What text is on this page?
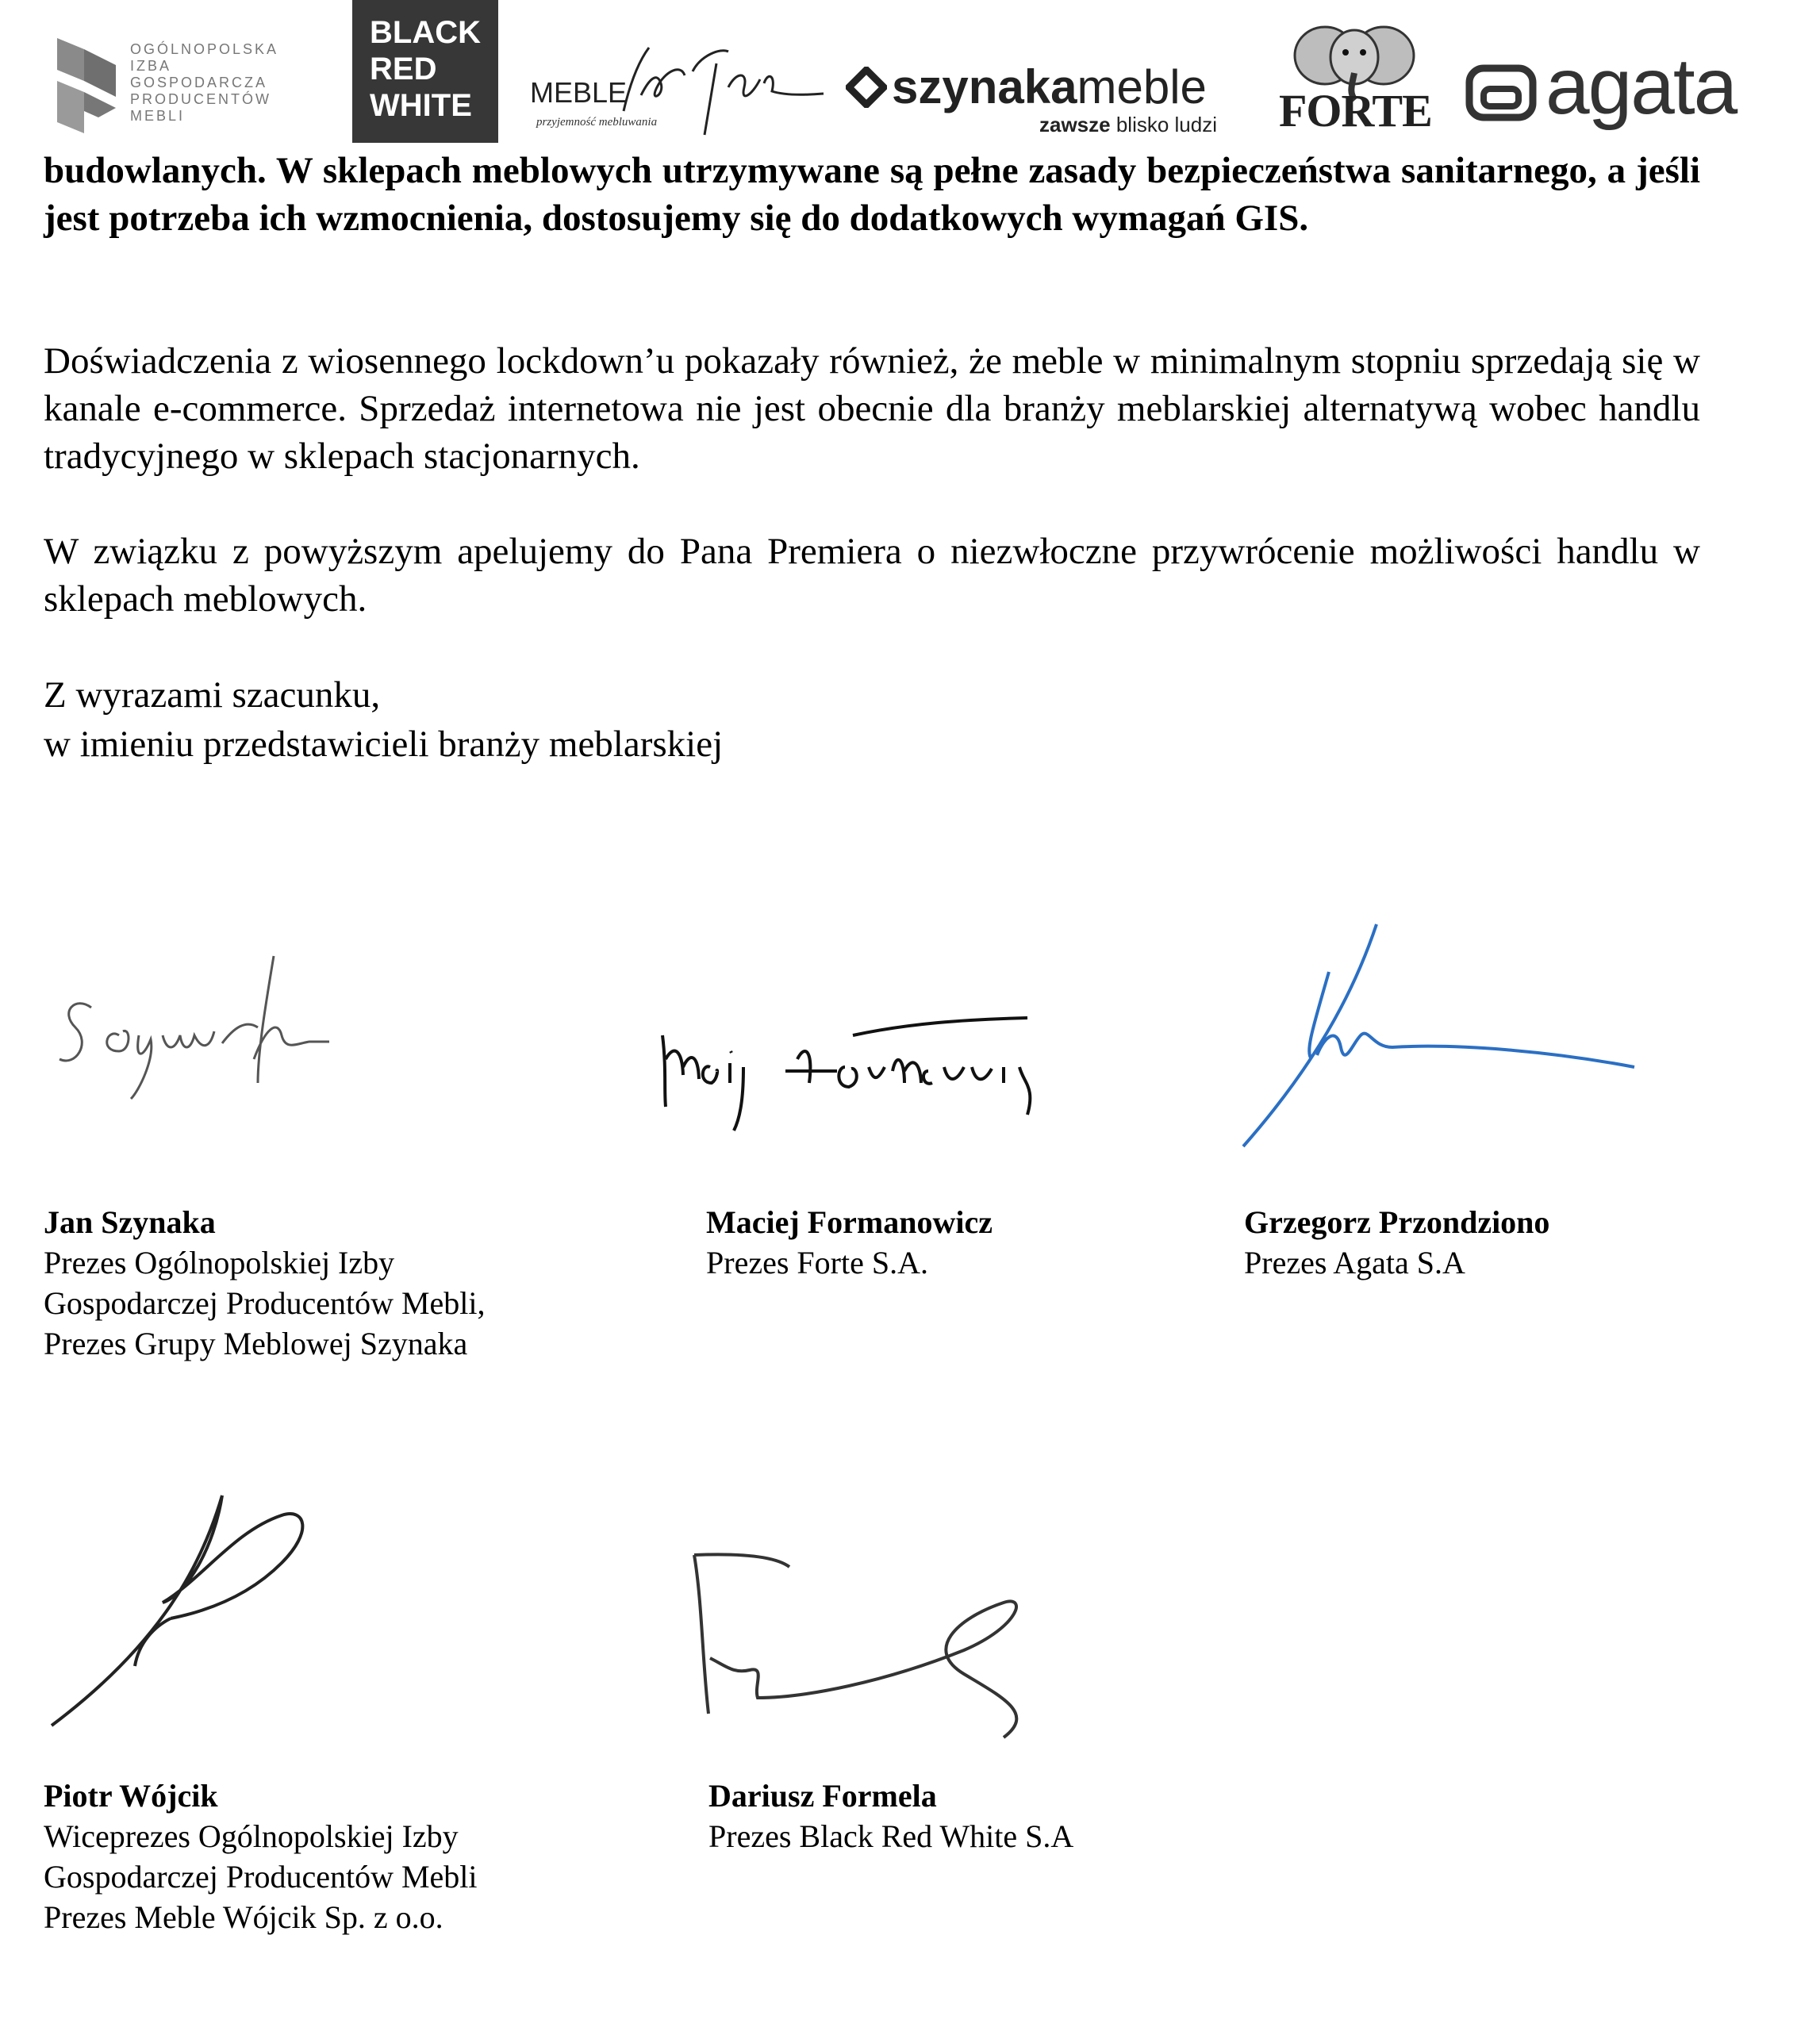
OGÓLNOPOLSKA
IZBA
GOSPODARCZA
PRODUCENTÓW
MEBLI
BLACK
RED
WHITE	MEBLE
przyjemność mebluwania
szynakameble
zawsze blisko ludzi FORTE agata

budowlanych. W sklepach meblowych utrzymywane są pełne zasady bezpieczeństwa sanitarnego, a jeśli jest potrzeba ich wzmocnienia, dostosujemy się do dodatkowych wymagań GIS.

Doświadczenia z wiosennego lockdown’u pokazały również, że meble w minimalnym stopniu sprzedają się w kanale e-commerce. Sprzedaż internetowa nie jest obecnie dla branży meblarskiej alternatywą wobec handlu tradycyjnego w sklepach stacjonarnych.

W związku z powyższym apelujemy do Pana Premiera o niezwłoczne przywrócenie możliwości handlu w sklepach meblowych.

Z wyrazami szacunku,
w imieniu przedstawicieli branży meblarskiej
Jan Szynaka
Prezes Ogólnopolskiej Izby
Gospodarczej Producentów Mebli,
Prezes Grupy Meblowej Szynaka
Maciej Formanowicz
Prezes Forte S.A.
Grzegorz Przondziono
Prezes Agata S.A
Piotr Wójcik
Wiceprezes Ogólnopolskiej Izby
Gospodarczej Producentów Mebli
Prezes Meble Wójcik Sp. z o.o.
Dariusz Formela
Prezes Black Red White S.A
